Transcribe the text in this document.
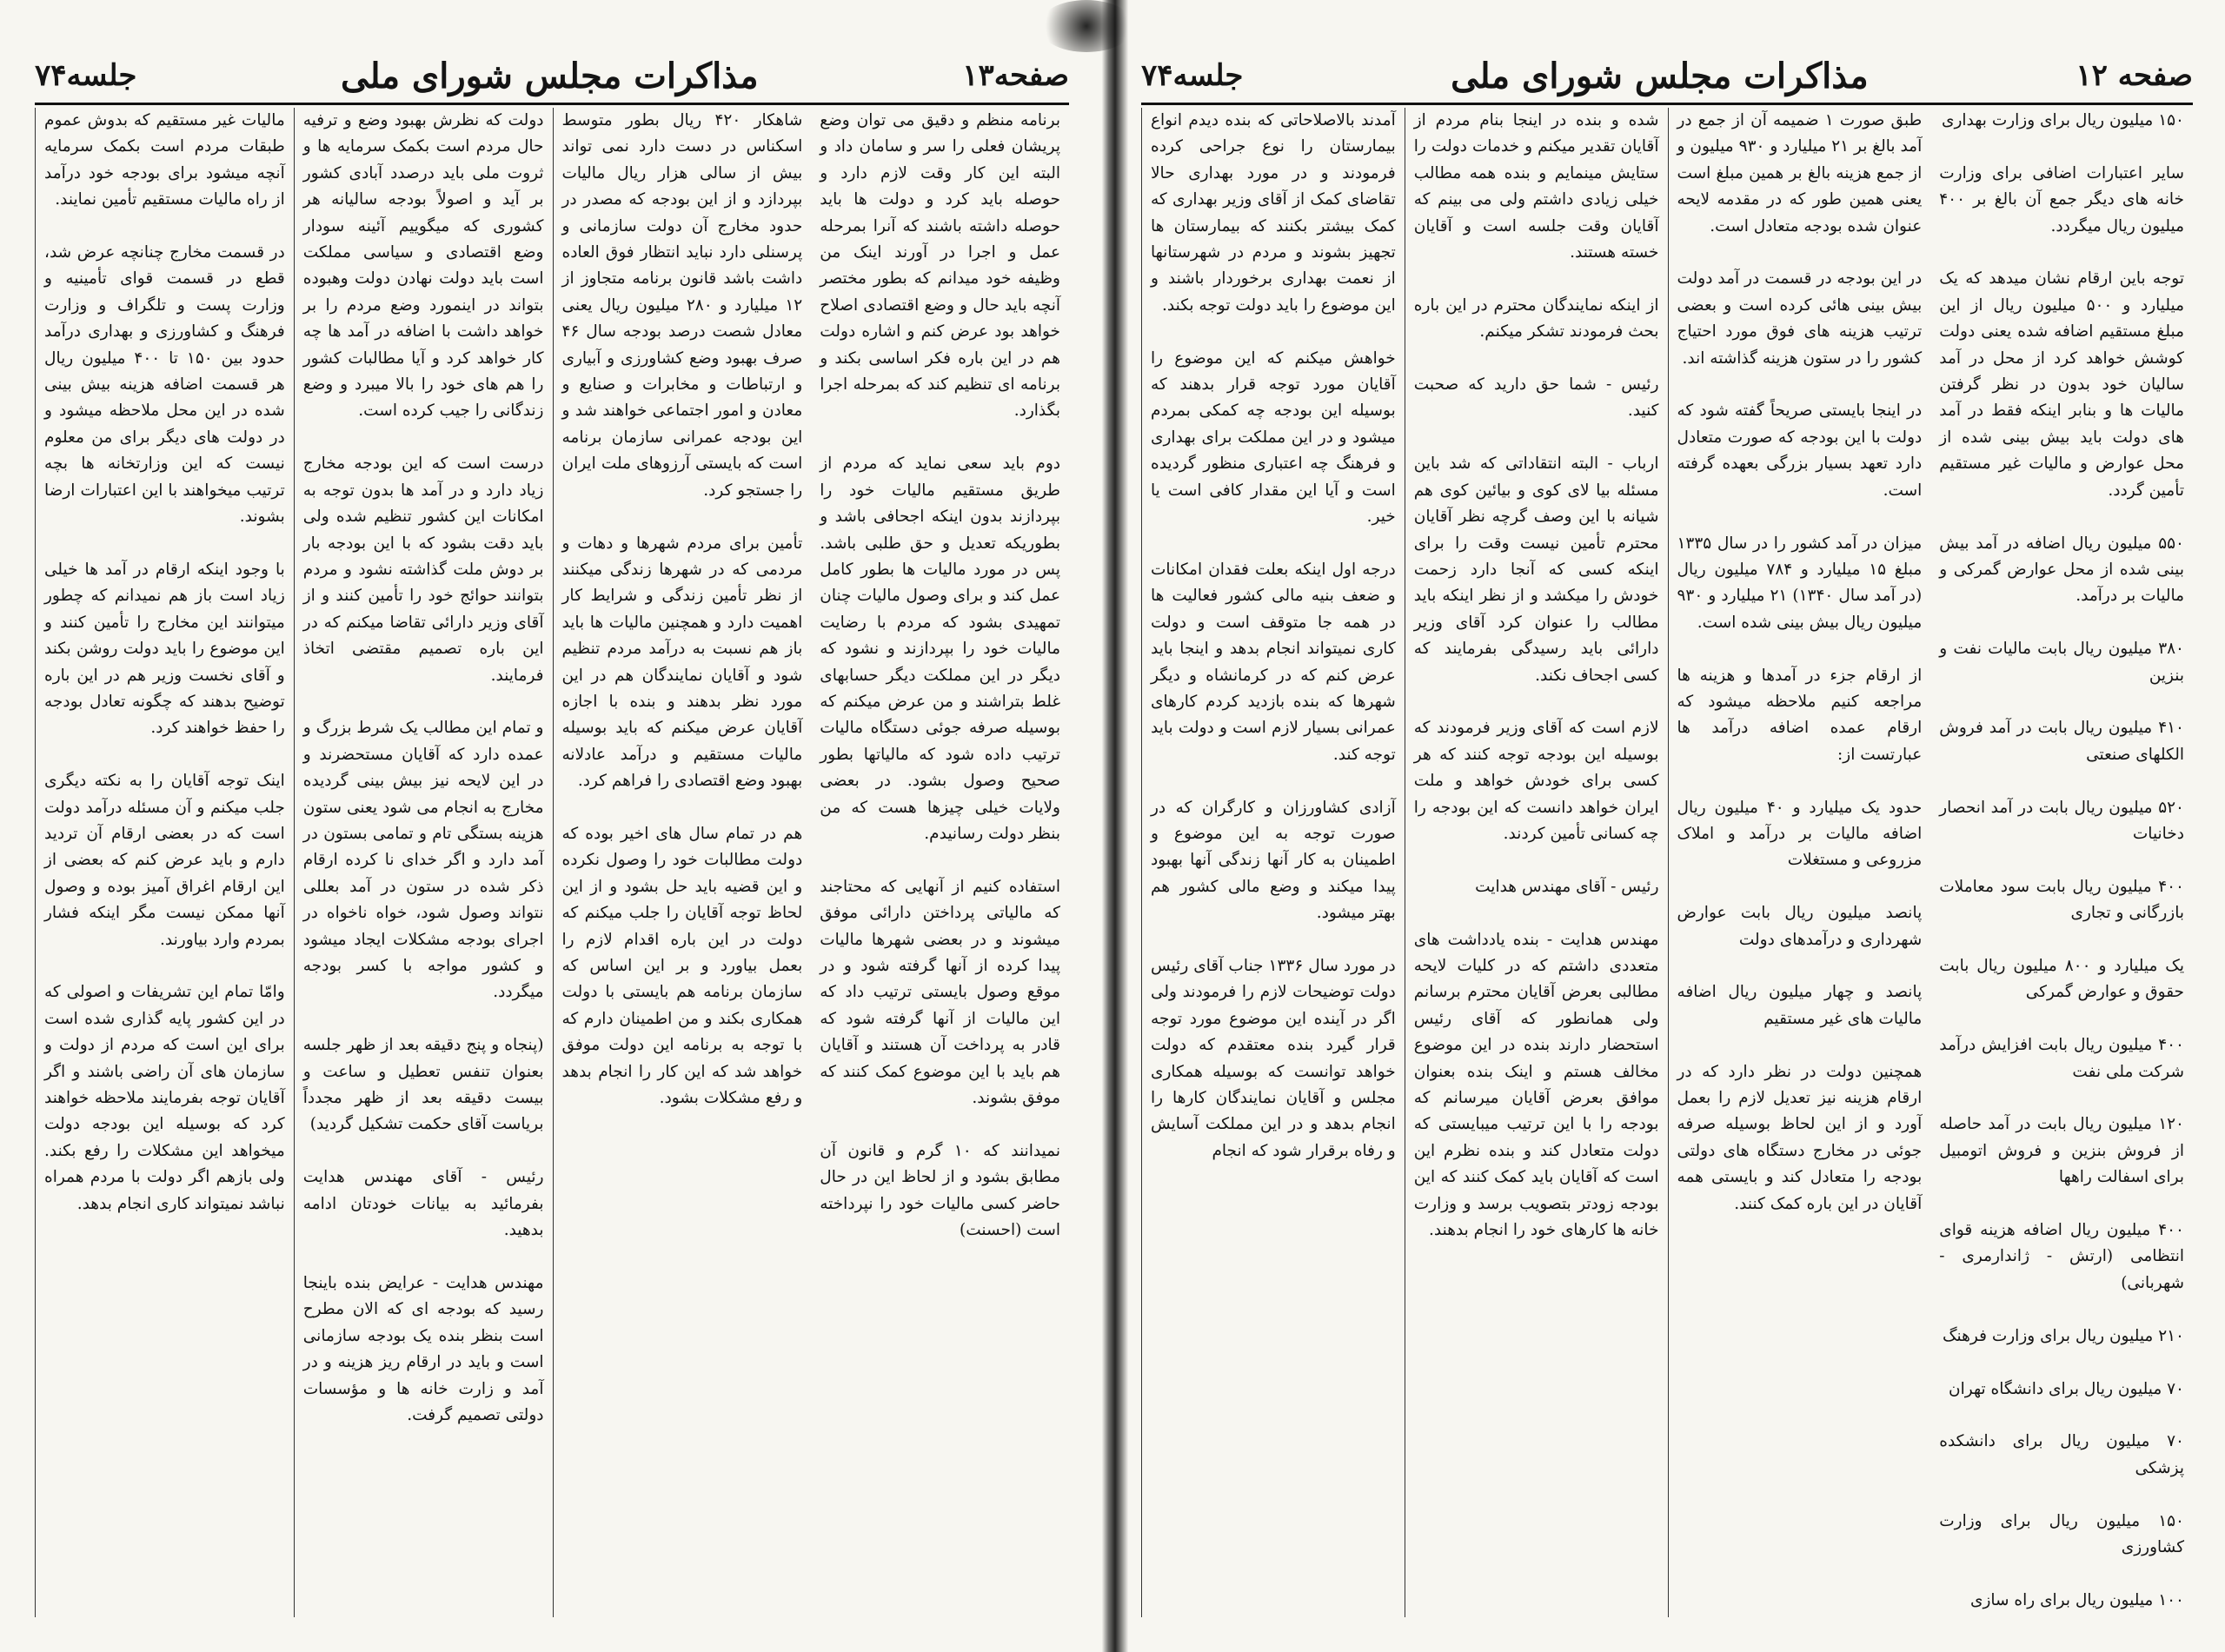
صفحه ۱۲
مذاکرات مجلس شورای ملی
جلسه۷۴
آمدند بالاصلاحاتی که بنده دیدم انواع بیمارستان را نوع جراحی کرده فرمودند و در مورد بهداری حالا تقاضای کمک از آقای وزیر بهداری که کمک بیشتر بکنند که بیمارستان ها تجهیز بشوند و مردم در شهرستانها از نعمت بهداری برخوردار باشند و این موضوع را باید دولت توجه بکند.

خواهش میکنم که این موضوع را آقایان مورد توجه قرار بدهند که بوسیله این بودجه چه کمکی بمردم میشود و در این مملکت برای بهداری و فرهنگ چه اعتباری منظور گردیده است و آیا این مقدار کافی است یا خیر.

درجه اول اینکه بعلت فقدان امکانات و ضعف بنیه مالی کشور فعالیت ها در همه جا متوقف است و دولت کاری نمیتواند انجام بدهد و اینجا باید عرض کنم که در کرمانشاه و دیگر شهرها که بنده بازدید کردم کارهای عمرانی بسیار لازم است و دولت باید توجه کند.

آزادی کشاورزان و کارگران که در صورت توجه به این موضوع و اطمینان به کار آنها زندگی آنها بهبود پیدا میکند و وضع مالی کشور هم بهتر میشود.

در مورد سال ۱۳۳۶ جناب آقای رئیس دولت توضیحات لازم را فرمودند ولی اگر در آینده این موضوع مورد توجه قرار گیرد بنده معتقدم که دولت خواهد توانست که بوسیله همکاری مجلس و آقایان نمایندگان کارها را انجام بدهد و در این مملکت آسایش و رفاه برقرار شود که انجام
شده و بنده در اینجا بنام مردم از آقایان تقدیر میکنم و خدمات دولت را ستایش مینمایم و بنده همه مطالب خیلی زیادی داشتم ولی می بینم که آقایان وقت جلسه است و آقایان خسته هستند.

از اینکه نمایندگان محترم در این باره بحث فرمودند تشکر میکنم.

رئیس - شما حق دارید که صحبت کنید.

ارباب - البته انتقاداتی که شد باین مسئله بیا لای کوی و بیائین کوی هم شیانه با این وصف گرچه نظر آقایان محترم تأمین نیست وقت را برای اینکه کسی که آنجا دارد زحمت خودش را میکشد و از نظر اینکه باید مطالب را عنوان کرد آقای وزیر دارائی باید رسیدگی بفرمایند که کسی اجحاف نکند.

لازم است که آقای وزیر فرمودند که بوسیله این بودجه توجه کنند که هر کسی برای خودش خواهد و ملت ایران خواهد دانست که این بودجه را چه کسانی تأمین کردند.

رئیس - آقای مهندس هدایت

مهندس هدایت - بنده یادداشت های متعددی داشتم که در کلیات لایحه مطالبی بعرض آقایان محترم برسانم ولی همانطور که آقای رئیس استحضار دارند بنده در این موضوع مخالف هستم و اینک بنده بعنوان موافق بعرض آقایان میرسانم که بودجه را با این ترتیب میبایستی که دولت متعادل کند و بنده نظرم این است که آقایان باید کمک کنند که این بودجه زودتر بتصویب برسد و وزارت خانه ها کارهای خود را انجام بدهند.
طبق صورت ۱ ضمیمه آن از جمع در آمد بالغ بر ۲۱ میلیارد و ۹۳۰ میلیون و از جمع هزینه بالغ بر همین مبلغ است یعنی همین طور که در مقدمه لایحه عنوان شده بودجه متعادل است.

در این بودجه در قسمت در آمد دولت بیش بینی هائی کرده است و بعضی ترتیب هزینه های فوق مورد احتیاج کشور را در ستون هزینه گذاشته اند.

در اینجا بایستی صریحاً گفته شود که دولت با این بودجه که صورت متعادل دارد تعهد بسیار بزرگی بعهده گرفته است.

میزان در آمد کشور را در سال ۱۳۳۵ مبلغ ۱۵ میلیارد و ۷۸۴ میلیون ریال (در آمد سال ۱۳۴۰) ۲۱ میلیارد و ۹۳۰ میلیون ریال بیش بینی شده است.

از ارقام جزء در آمدها و هزینه ها مراجعه کنیم ملاحظه میشود که ارقام عمده اضافه درآمد ها عبارتست از:

حدود یک میلیارد و ۴۰ میلیون ریال اضافه مالیات بر درآمد و املاک مزروعی و مستغلات

پانصد میلیون ریال بابت عوارض شهرداری و درآمدهای دولت

پانصد و چهار میلیون ریال اضافه مالیات های غیر مستقیم

همچنین دولت در نظر دارد که در ارقام هزینه نیز تعدیل لازم را بعمل آورد و از این لحاظ بوسیله صرفه جوئی در مخارج دستگاه های دولتی بودجه را متعادل کند و بایستی همه آقایان در این باره کمک کنند.
۱۵۰ میلیون ریال برای وزارت بهداری

سایر اعتبارات اضافی برای وزارت خانه های دیگر جمع آن بالغ بر ۴۰۰ میلیون ریال میگردد.

توجه باین ارقام نشان میدهد که یک میلیارد و ۵۰۰ میلیون ریال از این مبلغ مستقیم اضافه شده یعنی دولت کوشش خواهد کرد از محل در آمد سالیان خود بدون در نظر گرفتن مالیات ها و بنابر اینکه فقط در آمد های دولت باید بیش بینی شده از محل عوارض و مالیات غیر مستقیم تأمین گردد.

۵۵۰ میلیون ریال اضافه در آمد بیش بینی شده از محل عوارض گمرکی و مالیات بر درآمد.

۳۸۰ میلیون ریال بابت مالیات نفت و بنزین

۴۱۰ میلیون ریال بابت در آمد فروش الکلهای صنعتی

۵۲۰ میلیون ریال بابت در آمد انحصار دخانیات

۴۰۰ میلیون ریال بابت سود معاملات بازرگانی و تجاری

یک میلیارد و ۸۰۰ میلیون ریال بابت حقوق و عوارض گمرکی

۴۰۰ میلیون ریال بابت افزایش درآمد شرکت ملی نفت

۱۲۰ میلیون ریال بابت در آمد حاصله از فروش بنزین و فروش اتومبیل برای اسفالت راهها

۴۰۰ میلیون ریال اضافه هزینه قوای انتظامی (ارتش - ژاندارمری - شهربانی)

۲۱۰ میلیون ریال برای وزارت فرهنگ

۷۰ میلیون ریال برای دانشگاه تهران

۷۰ میلیون ریال برای دانشکده پزشکی

۱۵۰ میلیون ریال برای وزارت کشاورزی

۱۰۰ میلیون ریال برای راه سازی
صفحه۱۳
مذاکرات مجلس شورای ملی
جلسه۷۴
مالیات غیر مستقیم که بدوش عموم طبقات مردم است بکمک سرمایه آنچه میشود برای بودجه خود درآمد از راه مالیات مستقیم تأمین نمایند.

در قسمت مخارج چنانچه عرض شد، قطع در قسمت قوای تأمینیه و وزارت پست و تلگراف و وزارت فرهنگ و کشاورزی و بهداری درآمد حدود بین ۱۵۰ تا ۴۰۰ میلیون ریال هر قسمت اضافه هزینه بیش بینی شده در این محل ملاحظه میشود و در دولت های دیگر برای من معلوم نیست که این وزارتخانه ها بچه ترتیب میخواهند با این اعتبارات ارضا بشوند.

با وجود اینکه ارقام در آمد ها خیلی زیاد است باز هم نمیدانم که چطور میتوانند این مخارج را تأمین کنند و این موضوع را باید دولت روشن بکند و آقای نخست وزیر هم در این باره توضیح بدهند که چگونه تعادل بودجه را حفظ خواهند کرد.

اینک توجه آقایان را به نکته دیگری جلب میکنم و آن مسئله درآمد دولت است که در بعضی ارقام آن تردید دارم و باید عرض کنم که بعضی از این ارقام اغراق آمیز بوده و وصول آنها ممکن نیست مگر اینکه فشار بمردم وارد بیاورند.

وامّا تمام این تشریفات و اصولی که در این کشور پایه گذاری شده است برای این است که مردم از دولت و سازمان های آن راضی باشند و اگر آقایان توجه بفرمایند ملاحظه خواهند کرد که بوسیله این بودجه دولت میخواهد این مشکلات را رفع بکند. ولی بازهم اگر دولت با مردم همراه نباشد نمیتواند کاری انجام بدهد.
دولت که نظرش بهبود وضع و ترفیه حال مردم است بکمک سرمایه ها و ثروت ملی باید درصدد آبادی کشور بر آید و اصولاً بودجه سالیانه هر کشوری که میگوییم آئینه سودار وضع اقتصادی و سیاسی مملکت است باید دولت نهادن دولت وهبوده بتواند در اینمورد وضع مردم را بر خواهد داشت با اضافه در آمد ها چه کار خواهد کرد و آیا مطالبات کشور را هم های خود را بالا میبرد و وضع زندگانی را جیب کرده است.

درست است که این بودجه مخارج زیاد دارد و در آمد ها بدون توجه به امکانات این کشور تنظیم شده ولی باید دقت بشود که با این بودجه بار بر دوش ملت گذاشته نشود و مردم بتوانند حوائج خود را تأمین کنند و از آقای وزیر دارائی تقاضا میکنم که در این باره تصمیم مقتضی اتخاذ فرمایند.

و تمام این مطالب یک شرط بزرگ و عمده دارد که آقایان مستحضرند و در این لایحه نیز بیش بینی گردیده مخارج به انجام می شود یعنی ستون هزینه بستگی تام و تمامی بستون در آمد دارد و اگر خدای نا کرده ارقام ذکر شده در ستون در آمد بعللی نتواند وصول شود، خواه ناخواه در اجرای بودجه مشکلات ایجاد میشود و کشور مواجه با کسر بودجه میگردد.

(پنجاه و پنج دقیقه بعد از ظهر جلسه بعنوان تنفس تعطیل و ساعت و بیست دقیقه بعد از ظهر مجدداً بریاست آقای حکمت تشکیل گردید)

رئیس - آقای مهندس هدایت بفرمائید به بیانات خودتان ادامه بدهید.

مهندس هدایت - عرایض بنده باینجا رسید که بودجه ای که الان مطرح است بنظر بنده یک بودجه سازمانی است و باید در ارقام ریز هزینه و در آمد و زارت خانه ها و مؤسسات دولتی تصمیم گرفت.
شاهکار ۴۲۰ ریال بطور متوسط اسکناس در دست دارد نمی تواند بیش از سالی هزار ریال مالیات بپردازد و از این بودجه که مصدر در حدود مخارج آن دولت سازمانی و پرسنلی دارد نباید انتظار فوق العاده داشت باشد قانون برنامه متجاوز از ۱۲ میلیارد و ۲۸۰ میلیون ریال یعنی معادل شصت درصد بودجه سال ۴۶ صرف بهبود وضع کشاورزی و آبیاری و ارتباطات و مخابرات و صنایع و معادن و امور اجتماعی خواهند شد و این بودجه عمرانی سازمان برنامه است که بایستی آرزوهای ملت ایران را جستجو کرد.

تأمین برای مردم شهرها و دهات و مردمی که در شهرها زندگی میکنند از نظر تأمین زندگی و شرایط کار اهمیت دارد و همچنین مالیات ها باید باز هم نسبت به درآمد مردم تنظیم شود و آقایان نمایندگان هم در این مورد نظر بدهند و بنده با اجازه آقایان عرض میکنم که باید بوسیله مالیات مستقیم و درآمد عادلانه بهبود وضع اقتصادی را فراهم کرد.

هم در تمام سال های اخیر بوده که دولت مطالبات خود را وصول نکرده و این قضیه باید حل بشود و از این لحاظ توجه آقایان را جلب میکنم که دولت در این باره اقدام لازم را بعمل بیاورد و بر این اساس که سازمان برنامه هم بایستی با دولت همکاری بکند و من اطمینان دارم که با توجه به برنامه این دولت موفق خواهد شد که این کار را انجام بدهد و رفع مشکلات بشود.
برنامه منظم و دقیق می توان وضع پریشان فعلی را سر و سامان داد و البته این کار وقت لازم دارد و حوصله باید کرد و دولت ها باید حوصله داشته باشند که آنرا بمرحله عمل و اجرا در آورند اینک من وظیفه خود میدانم که بطور مختصر آنچه باید حال و وضع اقتصادی اصلاح خواهد بود عرض کنم و اشاره دولت هم در این باره فکر اساسی بکند و برنامه ای تنظیم کند که بمرحله اجرا بگذارد.

دوم باید سعی نماید که مردم از طریق مستقیم مالیات خود را بپردازند بدون اینکه اجحافی باشد و بطوریکه تعدیل و حق طلبی باشد. پس در مورد مالیات ها بطور کامل عمل کند و برای وصول مالیات چنان تمهیدی بشود که مردم با رضایت مالیات خود را بپردازند و نشود که دیگر در این مملکت دیگر حسابهای غلط بتراشند و من عرض میکنم که بوسیله صرفه جوئی دستگاه مالیات ترتیب داده شود که مالیاتها بطور صحیح وصول بشود. در بعضی ولایات خیلی چیزها هست که من بنظر دولت رسانیدم.

استفاده کنیم از آنهایی که محتاجند که مالیاتی پرداختن دارائی موفق میشوند و در بعضی شهرها مالیات پیدا کرده از آنها گرفته شود و در موقع وصول بایستی ترتیب داد که این مالیات از آنها گرفته شود که قادر به پرداخت آن هستند و آقایان هم باید با این موضوع کمک کنند که موفق بشوند.

نمیدانند که ۱۰ گرم و قانون آن مطابق بشود و از لحاظ این در حال حاضر کسی مالیات خود را نپرداخته است (احسنت)
